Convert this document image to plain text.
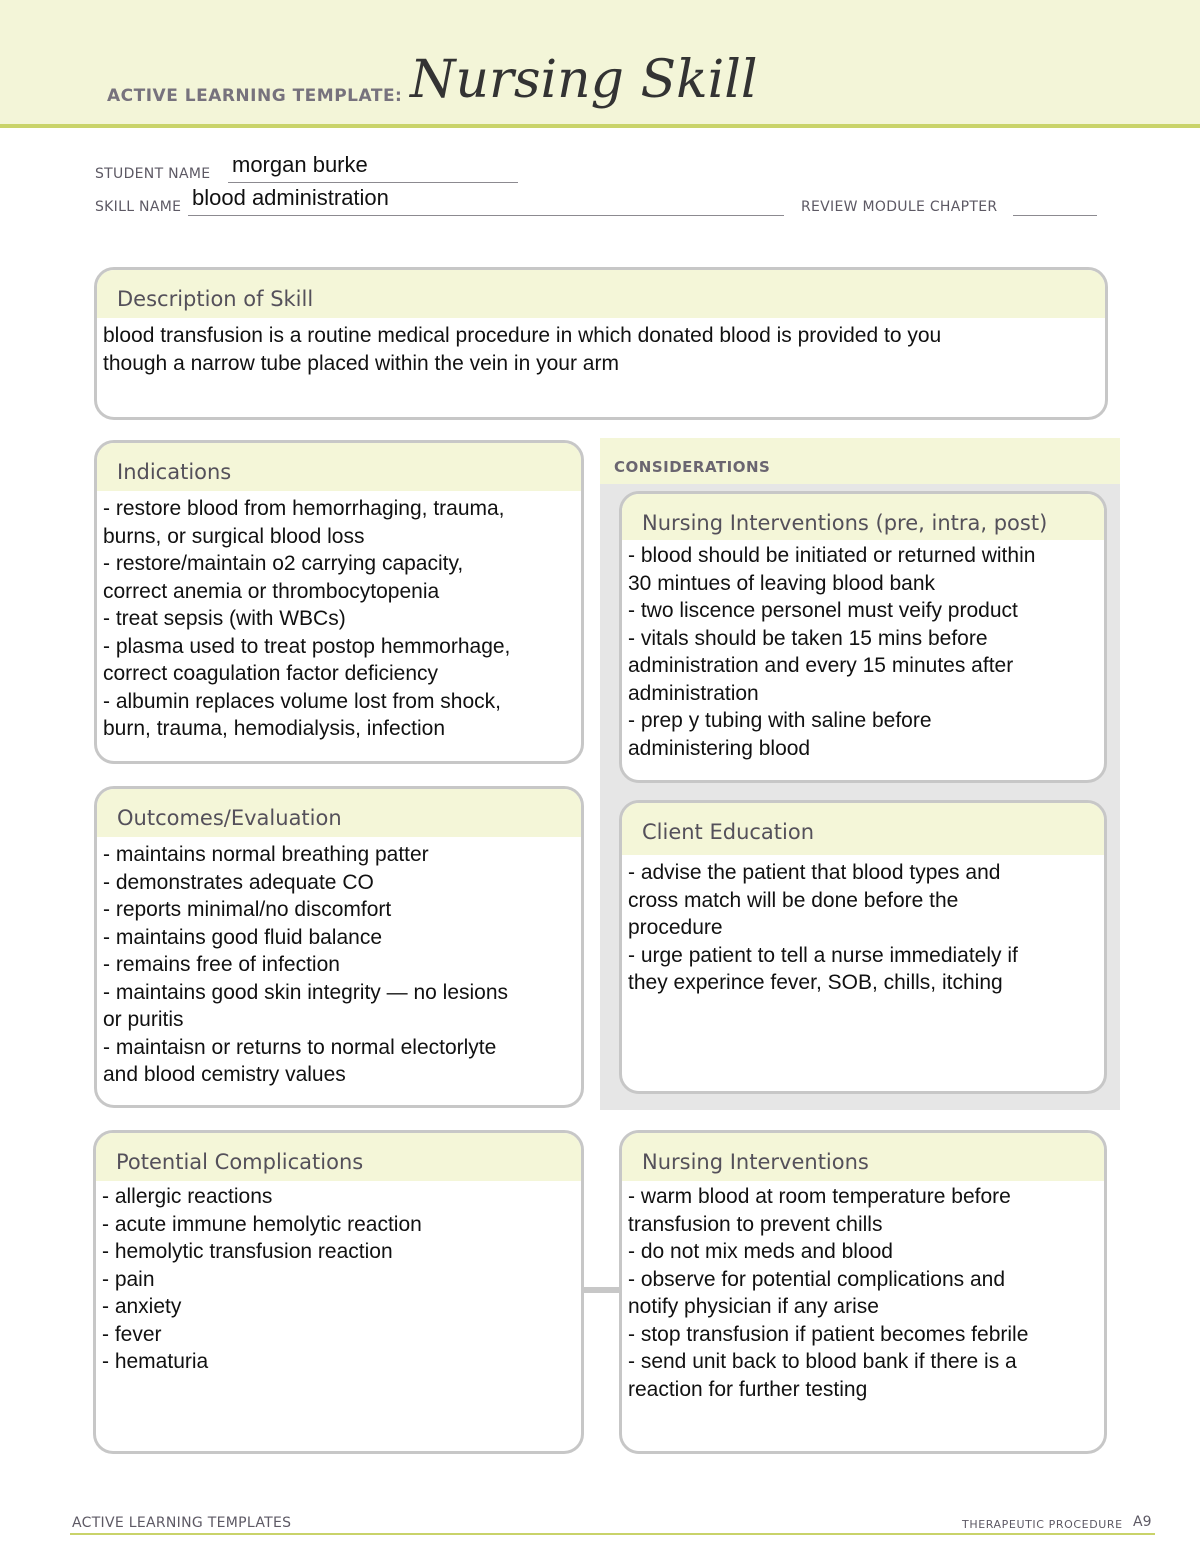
ACTIVE LEARNING TEMPLATE: Nursing Skill
STUDENT NAME morgan burke
SKILL NAME blood administration	REVIEW MODULE CHAPTER
Description of Skill
blood transfusion is a routine medical procedure in which donated blood is provided to you
though a narrow tube placed within the vein in your arm
CONSIDERATIONS
Indications
- restore blood from hemorrhaging, trauma,
burns, or surgical blood loss
- restore/maintain o2 carrying capacity,
correct anemia or thrombocytopenia
- treat sepsis (with WBCs)
- plasma used to treat postop hemmorhage,
correct coagulation factor deficiency
- albumin replaces volume lost from shock,
burn, trauma, hemodialysis, infection
Nursing Interventions (pre, intra, post)
- blood should be initiated or returned within
30 mintues of leaving blood bank
- two liscence personel must veify product
- vitals should be taken 15 mins before
administration and every 15 minutes after
administration
- prep y tubing with saline before
administering blood
Outcomes/Evaluation
- maintains normal breathing patter
- demonstrates adequate CO
- reports minimal/no discomfort
- maintains good fluid balance
- remains free of infection
- maintains good skin integrity — no lesions
or puritis
- maintaisn or returns to normal electorlyte
and blood cemistry values
Client Education
- advise the patient that blood types and
cross match will be done before the
procedure
- urge patient to tell a nurse immediately if
they experince fever, SOB, chills, itching
Potential Complications
- allergic reactions
- acute immune hemolytic reaction
- hemolytic transfusion reaction
- pain
- anxiety
- fever
- hematuria
Nursing Interventions
- warm blood at room temperature before
transfusion to prevent chills
- do not mix meds and blood
- observe for potential complications and
notify physician if any arise
- stop transfusion if patient becomes febrile
- send unit back to blood bank if there is a
reaction for further testing
ACTIVE LEARNING TEMPLATES	THERAPEUTIC PROCEDURE A9
